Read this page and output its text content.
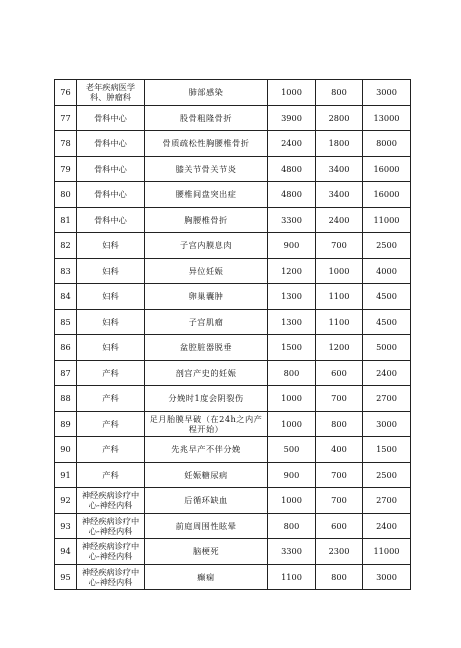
76	老年疾病医学科、肿瘤科	肺部感染	1000	800	3000
77	骨科中心	股骨粗隆骨折	3900	2800	13000
78	骨科中心	骨质疏松性胸腰椎骨折	2400	1800	8000
79	骨科中心	膝关节骨关节炎	4800	3400	16000
80	骨科中心	腰椎间盘突出症	4800	3400	16000
81	骨科中心	胸腰椎骨折	3300	2400	11000
82	妇科	子宫内膜息肉	900	700	2500
83	妇科	异位妊娠	1200	1000	4000
84	妇科	卵巢囊肿	1300	1100	4500
85	妇科	子宫肌瘤	1300	1100	4500
86	妇科	盆腔脏器脱垂	1500	1200	5000
87	产科	剖宫产史的妊娠	800	600	2400
88	产科	分娩时1度会阴裂伤	1000	700	2700
89	产科	足月胎膜早破（在24h之内产程开始）	1000	800	3000
90	产科	先兆早产不伴分娩	500	400	1500
91	产科	妊娠糖尿病	900	700	2500
92	神经疾病诊疗中心-神经内科	后循环缺血	1000	700	2700
93	神经疾病诊疗中心-神经内科	前庭周围性眩晕	800	600	2400
94	神经疾病诊疗中心-神经内科	脑梗死	3300	2300	11000
95	神经疾病诊疗中心-神经内科	癫痫	1100	800	3000
